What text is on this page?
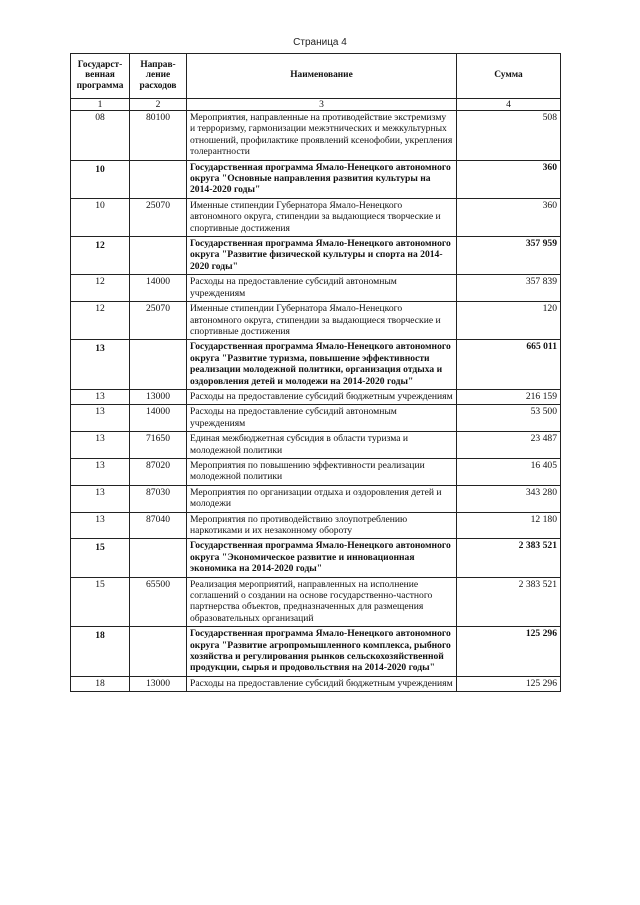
Страница 4
Государст-венная программа	Направ-ление расходов	Наименование	Сумма
1	2	3	4
08	80100	Мероприятия, направленные на противодействие экстремизму и терроризму, гармонизации межэтнических и межкультурных отношений, профилактике проявлений ксенофобии, укрепления толерантности	508
10		Государственная программа Ямало-Ненецкого автономного округа "Основные направления развития культуры на 2014-2020 годы"	360
10	25070	Именные стипендии Губернатора Ямало-Ненецкого автономного округа, стипендии за выдающиеся творческие и спортивные достижения	360
12		Государственная программа Ямало-Ненецкого автономного округа "Развитие физической культуры и спорта на 2014-2020 годы"	357 959
12	14000	Расходы на предоставление субсидий автономным учреждениям	357 839
12	25070	Именные стипендии Губернатора Ямало-Ненецкого автономного округа, стипендии за выдающиеся творческие и спортивные достижения	120
13		Государственная программа Ямало-Ненецкого автономного округа "Развитие туризма, повышение эффективности реализации молодежной политики, организация отдыха и оздоровления детей и молодежи на 2014-2020 годы"	665 011
13	13000	Расходы на предоставление субсидий бюджетным учреждениям	216 159
13	14000	Расходы на предоставление субсидий автономным учреждениям	53 500
13	71650	Единая межбюджетная субсидия в области туризма и молодежной политики	23 487
13	87020	Мероприятия по повышению эффективности реализации молодежной политики	16 405
13	87030	Мероприятия по организации отдыха и оздоровления детей и молодежи	343 280
13	87040	Мероприятия по противодействию злоупотреблению наркотиками и их незаконному обороту	12 180
15		Государственная программа Ямало-Ненецкого автономного округа "Экономическое развитие и инновационная экономика на 2014-2020 годы"	2 383 521
15	65500	Реализация мероприятий, направленных на исполнение соглашений о создании на основе государственно-частного партнерства объектов, предназначенных для размещения образовательных организаций	2 383 521
18		Государственная программа Ямало-Ненецкого автономного округа "Развитие агропромышленного комплекса, рыбного хозяйства и регулирования рынков сельскохозяйственной продукции, сырья и продовольствия на 2014-2020 годы"	125 296
18	13000	Расходы на предоставление субсидий бюджетным учреждениям	125 296
